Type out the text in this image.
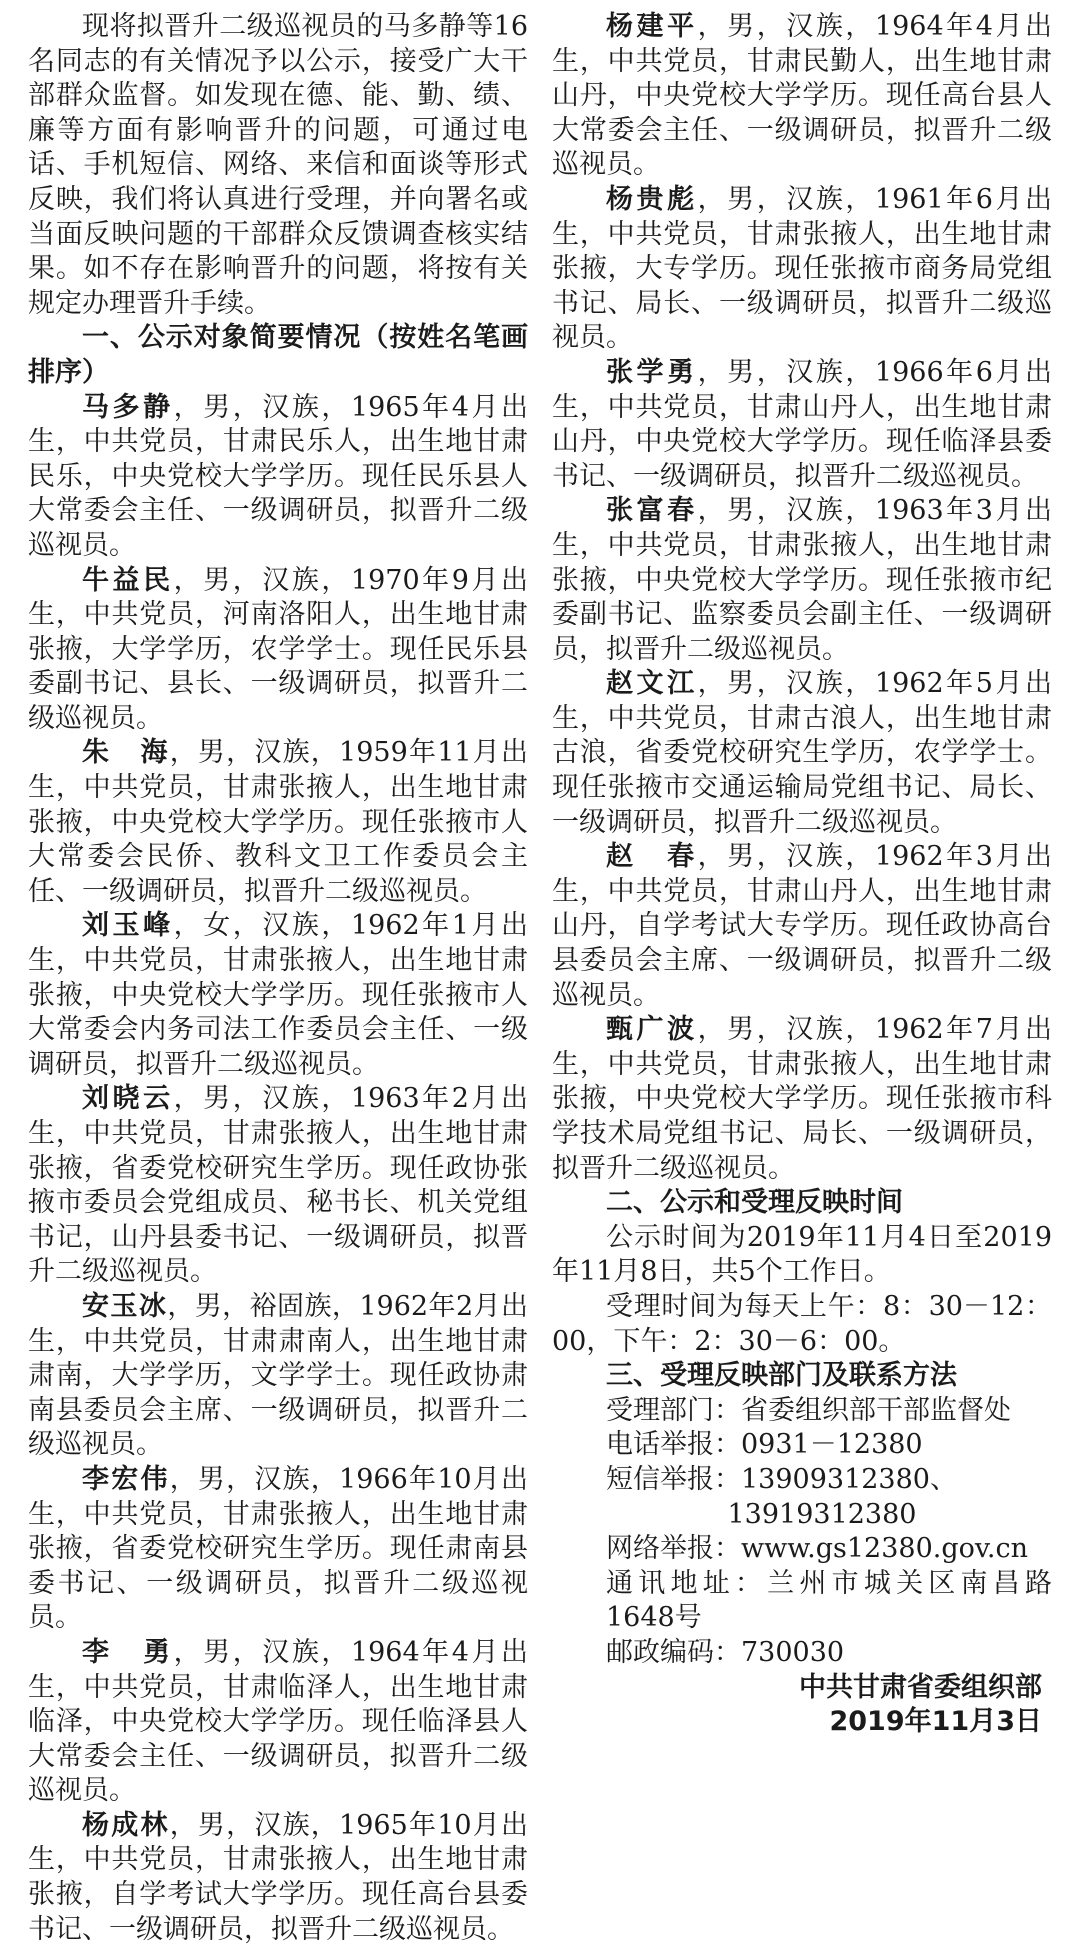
现将拟晋升二级巡视员的马多静等16名同志的有关情况予以公示，接受广大干部群众监督。如发现在德、能、勤、绩、廉等方面有影响晋升的问题，可通过电话、手机短信、网络、来信和面谈等形式反映，我们将认真进行受理，并向署名或当面反映问题的干部群众反馈调查核实结果。如不存在影响晋升的问题，将按有关规定办理晋升手续。

一、公示对象简要情况（按姓名笔画排序）

马多静，男，汉族，1965年4月出生，中共党员，甘肃民乐人，出生地甘肃民乐，中央党校大学学历。现任民乐县人大常委会主任、一级调研员，拟晋升二级巡视员。

牛益民，男，汉族，1970年9月出生，中共党员，河南洛阳人，出生地甘肃张掖，大学学历，农学学士。现任民乐县委副书记、县长、一级调研员，拟晋升二级巡视员。

朱　海，男，汉族，1959年11月出生，中共党员，甘肃张掖人，出生地甘肃张掖，中央党校大学学历。现任张掖市人大常委会民侨、教科文卫工作委员会主任、一级调研员，拟晋升二级巡视员。

刘玉峰，女，汉族，1962年1月出生，中共党员，甘肃张掖人，出生地甘肃张掖，中央党校大学学历。现任张掖市人大常委会内务司法工作委员会主任、一级调研员，拟晋升二级巡视员。

刘晓云，男，汉族，1963年2月出生，中共党员，甘肃张掖人，出生地甘肃张掖，省委党校研究生学历。现任政协张掖市委员会党组成员、秘书长、机关党组书记，山丹县委书记、一级调研员，拟晋升二级巡视员。

安玉冰，男，裕固族，1962年2月出生，中共党员，甘肃肃南人，出生地甘肃肃南，大学学历，文学学士。现任政协肃南县委员会主席、一级调研员，拟晋升二级巡视员。

李宏伟，男，汉族，1966年10月出生，中共党员，甘肃张掖人，出生地甘肃张掖，省委党校研究生学历。现任肃南县委书记、一级调研员，拟晋升二级巡视员。

李　勇，男，汉族，1964年4月出生，中共党员，甘肃临泽人，出生地甘肃临泽，中央党校大学学历。现任临泽县人大常委会主任、一级调研员，拟晋升二级巡视员。

杨成林，男，汉族，1965年10月出生，中共党员，甘肃张掖人，出生地甘肃张掖，自学考试大学学历。现任高台县委书记、一级调研员，拟晋升二级巡视员。

杨建平，男，汉族，1964年4月出生，中共党员，甘肃民勤人，出生地甘肃山丹，中央党校大学学历。现任高台县人大常委会主任、一级调研员，拟晋升二级巡视员。

杨贵彪，男，汉族，1961年6月出生，中共党员，甘肃张掖人，出生地甘肃张掖，大专学历。现任张掖市商务局党组书记、局长、一级调研员，拟晋升二级巡视员。

张学勇，男，汉族，1966年6月出生，中共党员，甘肃山丹人，出生地甘肃山丹，中央党校大学学历。现任临泽县委书记、一级调研员，拟晋升二级巡视员。

张富春，男，汉族，1963年3月出生，中共党员，甘肃张掖人，出生地甘肃张掖，中央党校大学学历。现任张掖市纪委副书记、监察委员会副主任、一级调研员，拟晋升二级巡视员。

赵文江，男，汉族，1962年5月出生，中共党员，甘肃古浪人，出生地甘肃古浪，省委党校研究生学历，农学学士。现任张掖市交通运输局党组书记、局长、一级调研员，拟晋升二级巡视员。

赵　春，男，汉族，1962年3月出生，中共党员，甘肃山丹人，出生地甘肃山丹，自学考试大专学历。现任政协高台县委员会主席、一级调研员，拟晋升二级巡视员。

甄广波，男，汉族，1962年7月出生，中共党员，甘肃张掖人，出生地甘肃张掖，中央党校大学学历。现任张掖市科学技术局党组书记、局长、一级调研员，拟晋升二级巡视员。

二、公示和受理反映时间

公示时间为2019年11月4日至2019年11月8日，共5个工作日。

受理时间为每天上午：8：30－12：00，下午：2：30－6：00。

三、受理反映部门及联系方法

受理部门：省委组织部干部监督处

电话举报：0931－12380

短信举报：13909312380、
13919312380

网络举报：www.gs12380.gov.cn

通讯地址：兰州市城关区南昌路1648号

邮政编码：730030

中共甘肃省委组织部

2019年11月3日
